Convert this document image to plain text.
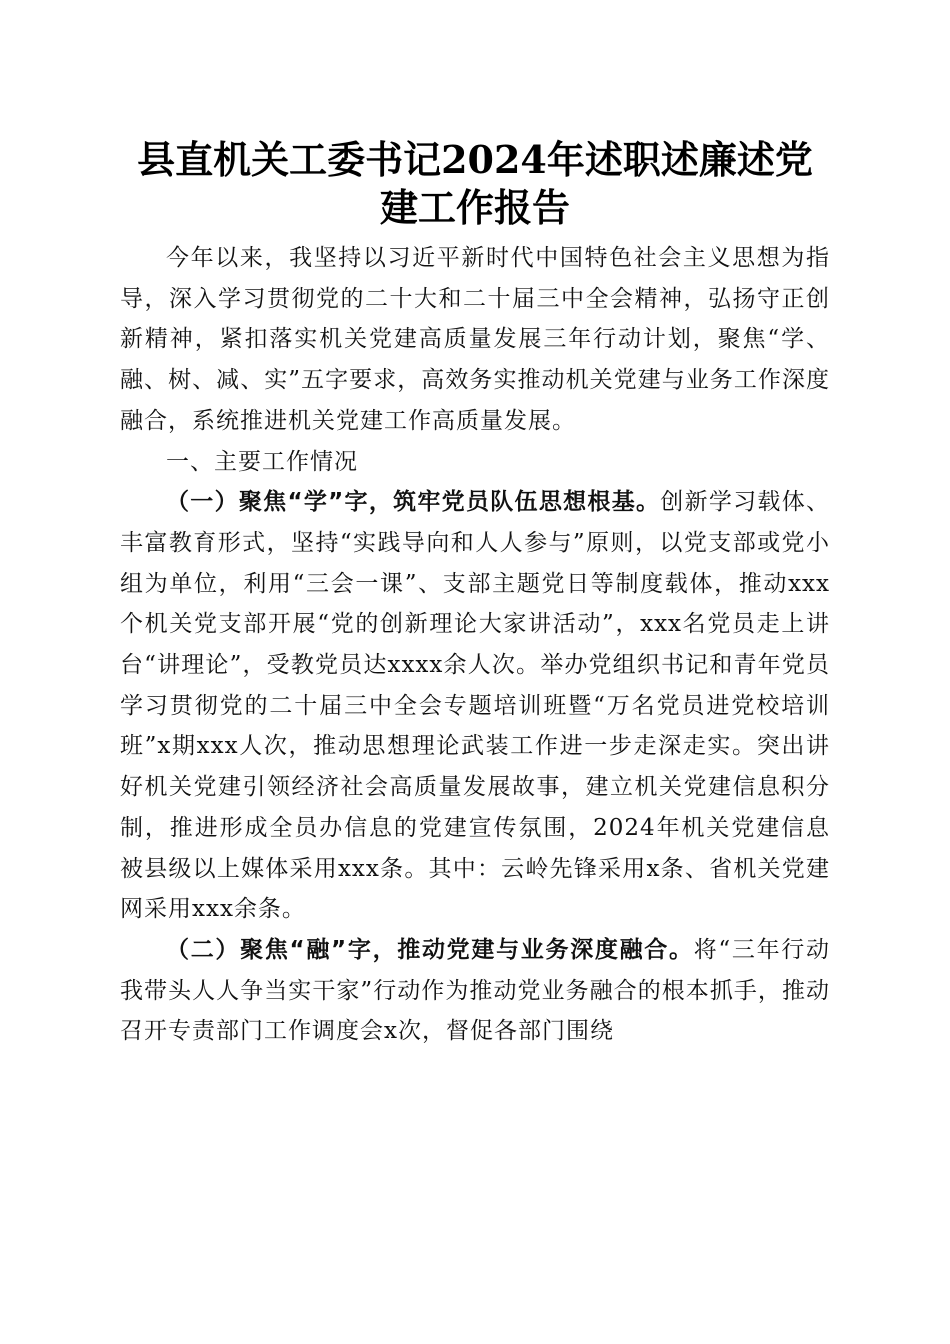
县直机关工委书记2024年述职述廉述党建工作报告

今年以来，我坚持以习近平新时代中国特色社会主义思想为指导，深入学习贯彻党的二十大和二十届三中全会精神，弘扬守正创新精神，紧扣落实机关党建高质量发展三年行动计划，聚焦“学、融、树、减、实”五字要求，高效务实推动机关党建与业务工作深度融合，系统推进机关党建工作高质量发展。

一、主要工作情况

（一）聚焦“学”字，筑牢党员队伍思想根基。创新学习载体、丰富教育形式，坚持“实践导向和人人参与”原则，以党支部或党小组为单位，利用“三会一课”、支部主题党日等制度载体，推动xxx个机关党支部开展“党的创新理论大家讲活动”，xxx名党员走上讲台“讲理论”，受教党员达xxxx余人次。举办党组织书记和青年党员学习贯彻党的二十届三中全会专题培训班暨“万名党员进党校培训班”x期xxx人次，推动思想理论武装工作进一步走深走实。突出讲好机关党建引领经济社会高质量发展故事，建立机关党建信息积分制，推进形成全员办信息的党建宣传氛围，2024年机关党建信息被县级以上媒体采用xxx条。其中：云岭先锋采用x条、省机关党建网采用xxx余条。

（二）聚焦“融”字，推动党建与业务深度融合。将“三年行动我带头人人争当实干家”行动作为推动党业务融合的根本抓手，推动召开专责部门工作调度会x次，督促各部门围绕
